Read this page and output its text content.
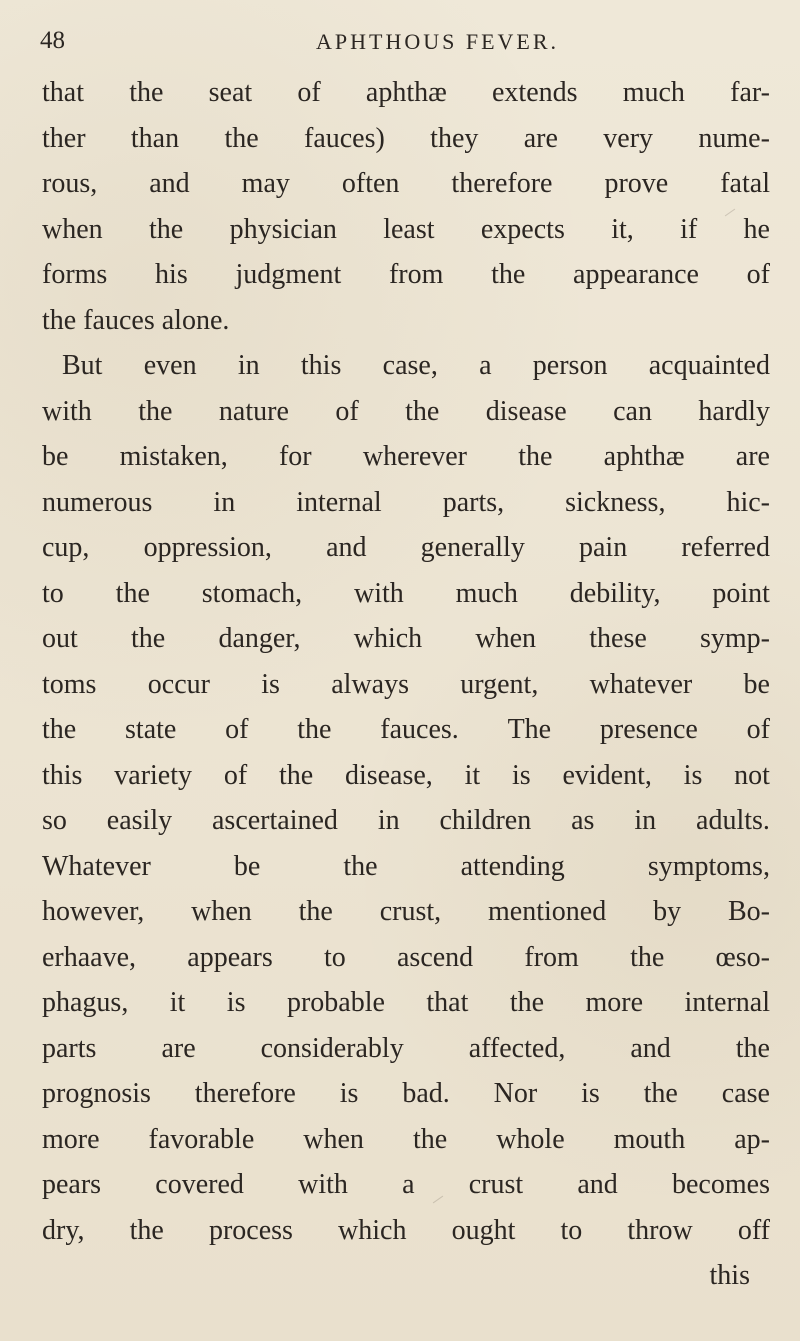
48	APHTHOUS FEVER.
that the seat of aphthæ extends much far-
ther than the fauces) they are very nume-
rous, and may often therefore prove fatal
when the physician least expects it, if he
forms his judgment from the appearance of
the fauces alone.
But even in this case, a person acquainted
with the nature of the disease can hardly
be mistaken, for wherever the aphthæ are
numerous in internal parts, sickness, hic-
cup, oppression, and generally pain referred
to the stomach, with much debility, point
out the danger, which when these symp-
toms occur is always urgent, whatever be
the state of the fauces. The presence of
this variety of the disease, it is evident, is not
so easily ascertained in children as in adults.
Whatever	be	the	attending	symptoms,
however, when the crust, mentioned by Bo-
erhaave, appears to ascend from the œso-
phagus, it is probable that the more internal
parts are considerably affected, and the
prognosis therefore is bad. Nor is the case
more favorable when the whole mouth ap-
pears covered with a crust and becomes
dry, the process which ought to throw off
this
